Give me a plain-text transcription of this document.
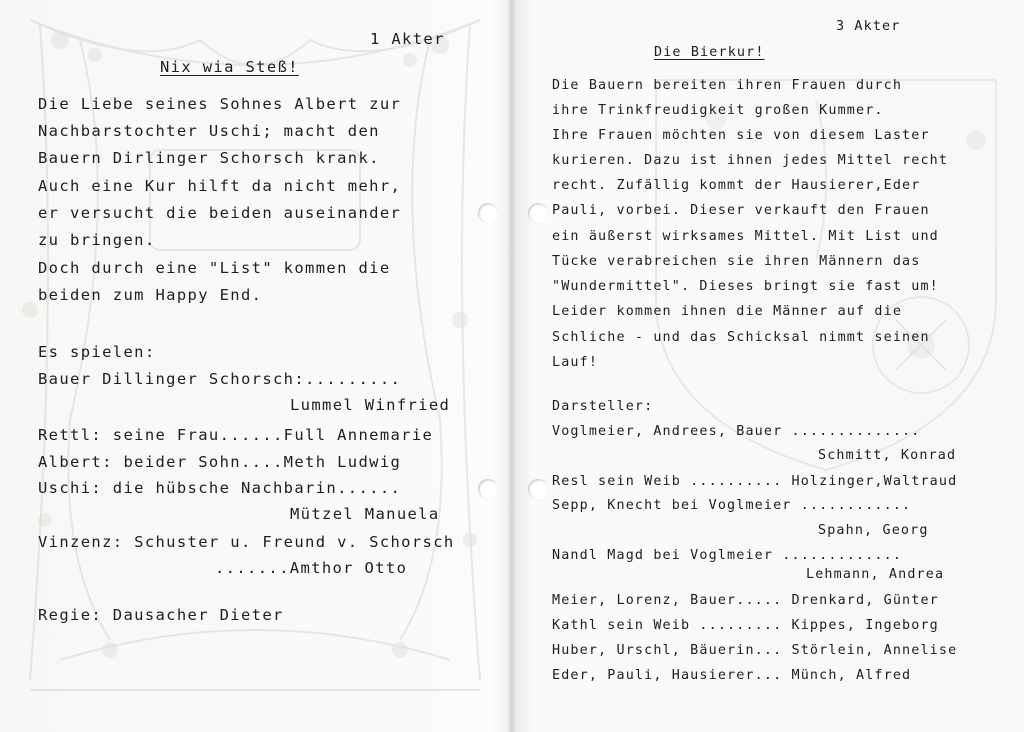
1 Akter
Nix wia Steß!
Die Liebe seines Sohnes Albert zur
Nachbarstochter Uschi; macht den
Bauern Dirlinger Schorsch krank.
Auch eine Kur hilft da nicht mehr,
er versucht die beiden auseinander
zu bringen.
Doch durch eine "List" kommen die
beiden zum Happy End.
Es spielen:
Bauer Dillinger Schorsch:.........
Lummel Winfried
Rettl: seine Frau......Full Annemarie
Albert: beider Sohn....Meth Ludwig
Uschi: die hübsche Nachbarin......
Mützel Manuela
Vinzenz: Schuster u. Freund v. Schorsch
.......Amthor Otto
Regie: Dausacher Dieter
3 Akter
Die Bierkur!
Die Bauern bereiten ihren Frauen durch
ihre Trinkfreudigkeit großen Kummer.
Ihre Frauen möchten sie von diesem Laster
kurieren. Dazu ist ihnen jedes Mittel recht
recht. Zufällig kommt der Hausierer,Eder
Pauli, vorbei. Dieser verkauft den Frauen
ein äußerst wirksames Mittel. Mit List und
Tücke verabreichen sie ihren Männern das
"Wundermittel". Dieses bringt sie fast um!
Leider kommen ihnen die Männer auf die
Schliche - und das Schicksal nimmt seinen
Lauf!
Darsteller:
Voglmeier, Andrees, Bauer ..............
Schmitt, Konrad
Resl sein Weib .......... Holzinger,Waltraud
Sepp, Knecht bei Voglmeier ............
Spahn, Georg
Nandl Magd bei Voglmeier .............
Lehmann, Andrea
Meier, Lorenz, Bauer..... Drenkard, Günter
Kathl sein Weib ......... Kippes, Ingeborg
Huber, Urschl, Bäuerin... Störlein, Annelise
Eder, Pauli, Hausierer... Münch, Alfred
